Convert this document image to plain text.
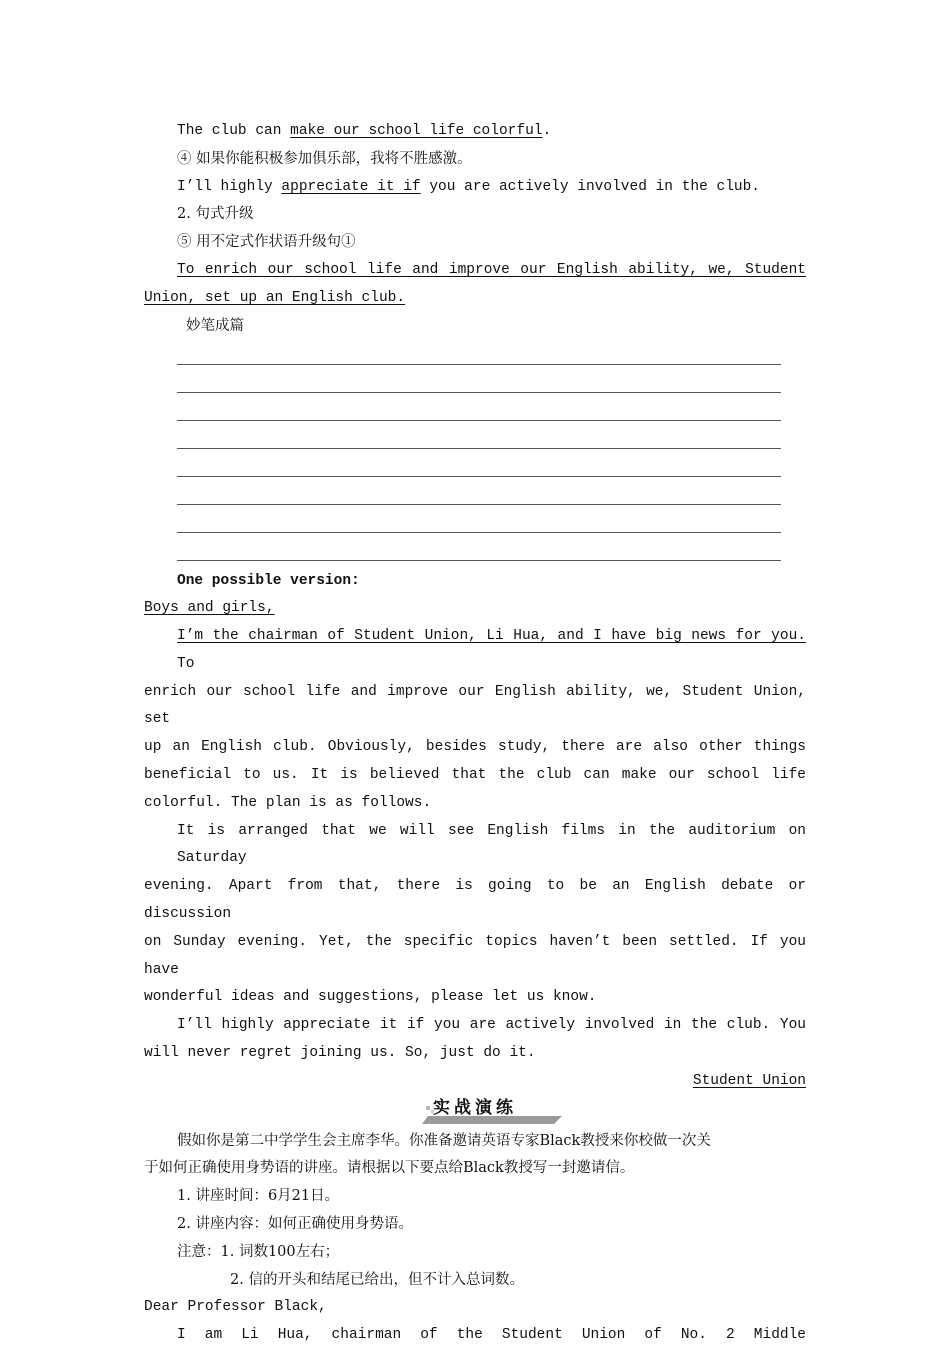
The club can make our school life colorful.
④ 如果你能积极参加俱乐部，我将不胜感激。
I’ll highly appreciate it if you are actively involved in the club.
2. 句式升级
⑤ 用不定式作状语升级句①
To enrich our school life and improve our English ability, we, Student
Union, set up an English club.
妙笔成篇
One possible version:
Boys and girls,
I’m the chairman of Student Union, Li Hua, and I have big news for you. To
enrich our school life and improve our English ability, we, Student Union, set
up an English club. Obviously, besides study, there are also other things
beneficial to us. It is believed that the club can make our school life
colorful. The plan is as follows.
It is arranged that we will see English films in the auditorium on Saturday
evening. Apart from that, there is going to be an English debate or discussion
on Sunday evening. Yet, the specific topics haven’t been settled. If you have
wonderful ideas and suggestions, please let us know.
I’ll highly appreciate it if you are actively involved in the club. You
will never regret joining us. So, just do it.
Student Union
实战演练
假如你是第二中学学生会主席李华。你准备邀请英语专家Black教授来你校做一次关
于如何正确使用身势语的讲座。请根据以下要点给Black教授写一封邀请信。
1. 讲座时间：6月21日。
2. 讲座内容：如何正确使用身势语。
注意：1. 词数100左右；
2. 信的开头和结尾已给出，但不计入总词数。
Dear Professor Black,
I am Li Hua, chairman of the Student Union of No. 2 Middle
